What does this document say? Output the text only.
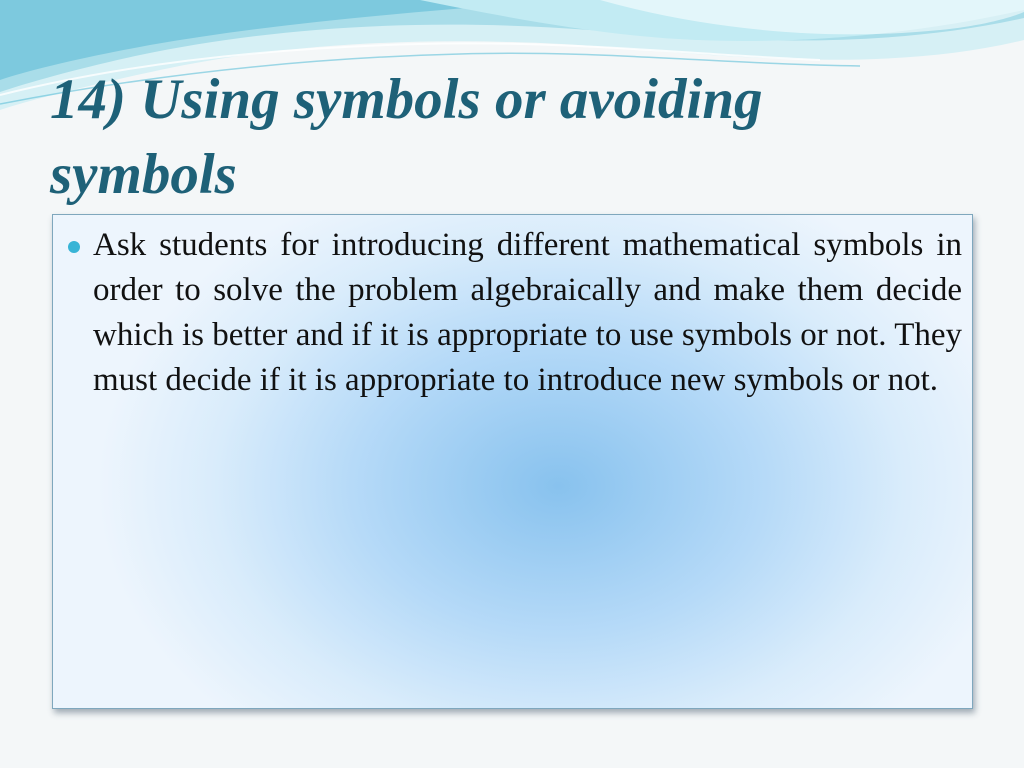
14) Using symbols or avoiding symbols
Ask students for introducing different mathematical symbols in order to solve the problem algebraically and make them decide which is better and if it is appropriate to use symbols or not. They must decide if it is appropriate to introduce new symbols or not.
